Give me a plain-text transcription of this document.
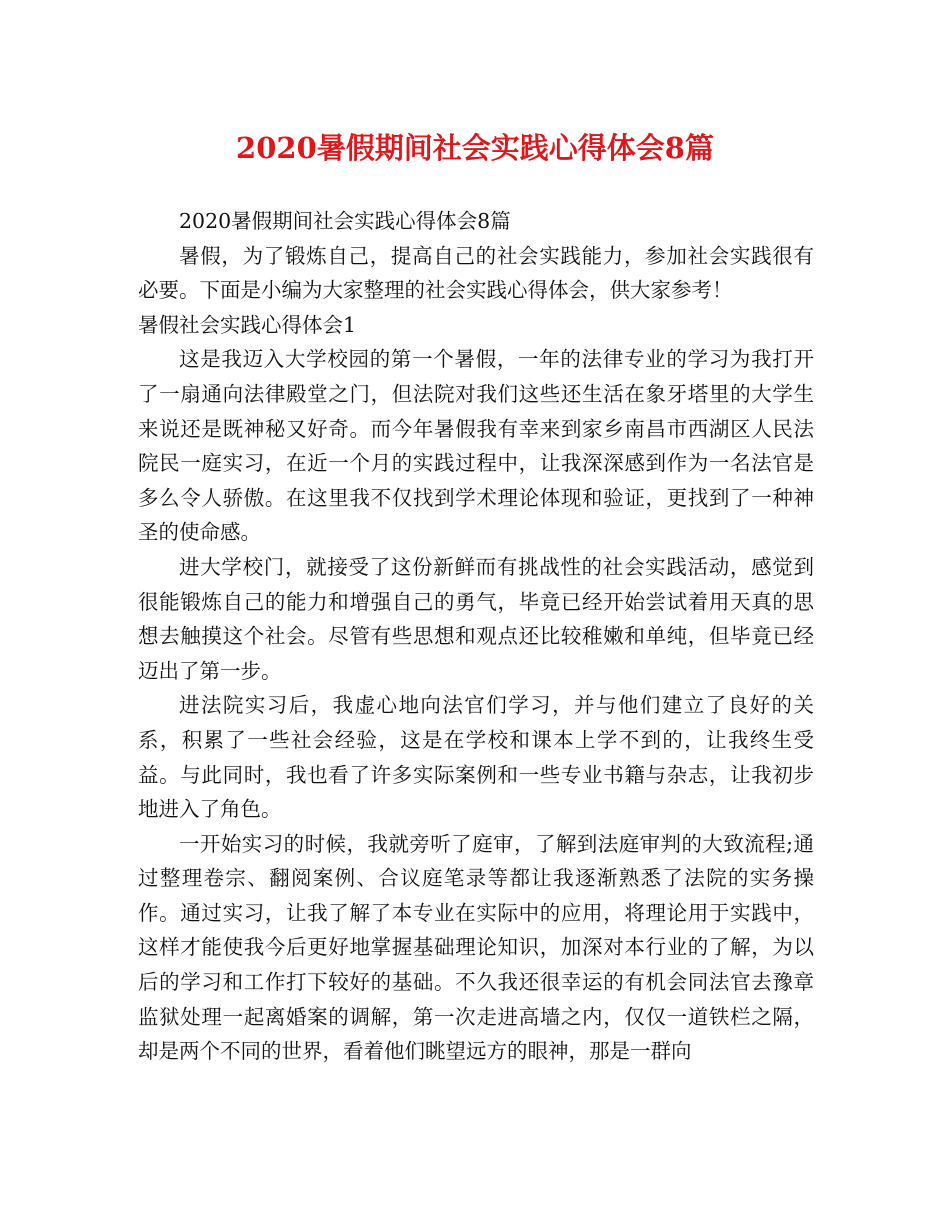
2020暑假期间社会实践心得体会8篇

2020暑假期间社会实践心得体会8篇

暑假，为了锻炼自己，提高自己的社会实践能力，参加社会实践很有必要。下面是小编为大家整理的社会实践心得体会，供大家参考！

暑假社会实践心得体会1

这是我迈入大学校园的第一个暑假，一年的法律专业的学习为我打开了一扇通向法律殿堂之门，但法院对我们这些还生活在象牙塔里的大学生来说还是既神秘又好奇。而今年暑假我有幸来到家乡南昌市西湖区人民法院民一庭实习，在近一个月的实践过程中，让我深深感到作为一名法官是多么令人骄傲。在这里我不仅找到学术理论体现和验证，更找到了一种神圣的使命感。

进大学校门，就接受了这份新鲜而有挑战性的社会实践活动，感觉到很能锻炼自己的能力和增强自己的勇气，毕竟已经开始尝试着用天真的思想去触摸这个社会。尽管有些思想和观点还比较稚嫩和单纯，但毕竟已经迈出了第一步。

进法院实习后，我虚心地向法官们学习，并与他们建立了良好的关系，积累了一些社会经验，这是在学校和课本上学不到的，让我终生受益。与此同时，我也看了许多实际案例和一些专业书籍与杂志，让我初步地进入了角色。

一开始实习的时候，我就旁听了庭审，了解到法庭审判的大致流程;通过整理卷宗、翻阅案例、合议庭笔录等都让我逐渐熟悉了法院的实务操作。通过实习，让我了解了本专业在实际中的应用，将理论用于实践中，这样才能使我今后更好地掌握基础理论知识，加深对本行业的了解，为以后的学习和工作打下较好的基础。不久我还很幸运的有机会同法官去豫章监狱处理一起离婚案的调解，第一次走进高墙之内，仅仅一道铁栏之隔，却是两个不同的世界，看着他们眺望远方的眼神，那是一群向
